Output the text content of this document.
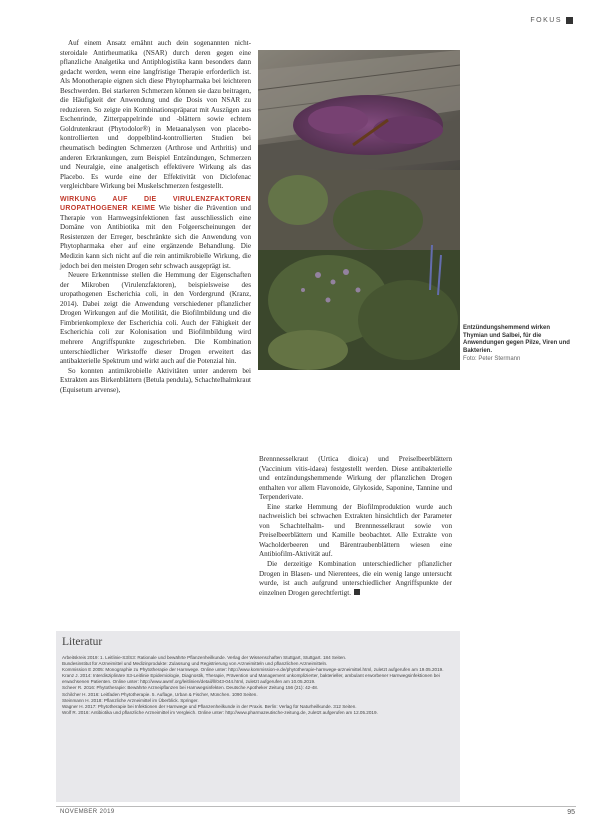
FOKUS

Auf einem Ansatz ernähnt auch dein sogenannten nicht-steroidale Antirheumatika (NSAR) durch deren gegen eine pflanzliche Analgetika und Antiphlogistika kann besonders dann gedacht werden, wenn eine langfristige Therapie erforderlich ist. Als Monotherapie eignen sich diese Phytopharmaka bei leichteren Beschwerden. Bei starkeren Schmerzen können sie dazu beitragen, die Häufigkeit der Anwendung und die Dosis von NSAR zu reduzieren. So zeigte ein Kombinationspräparat mit Auszügen aus Eschenrinde, Zitterpappelrinde und -blättern sowie echtem Goldrutenkraut (Phytodolor®) in Metaanalysen von placebo-kontrollierten und doppelblind-kontrollierten Studien bei rheumatisch bedingten Schmerzen (Arthrose und Arthritis) und anderen Erkrankungen, zum Beispiel Entzündungen, Schmerzen und Neuralgie, eine analgetisch effektivere Wirkung als das Placebo. Es wurde eine der Effektivität von Diclofenac vergleichbare Wirkung bei Muskelschmerzen festgestellt.

WIRKUNG AUF DIE VIRULENZFAKTOREN UROPATHOGENER KEIME Wie bisher die Prävention und Therapie von Harnwegsinfektionen fast ausschliesslich eine Domäne von Antibiotika mit den Folgeerscheinungen der Resistenzen der Erreger, beschränkte sich die Anwendung von Phytopharmaka eher auf eine ergänzende Behandlung. Die Medizin kann sich nicht auf die rein antimikrobielle Wirkung, die jedoch bei den meisten Drogen sehr schwach ausgeprägt ist.

Neuere Erkenntnisse stellen die Hemmung der Eigenschaften der Mikroben (Virulenzfaktoren), beispielsweise des uropathogenen Escherichia coli, in den Vordergrund (Kranz, 2014). Dabei zeigt die Anwendung verschiedener pflanzlicher Drogen Wirkungen auf die Motilität, die Biofilmbildung und die Fimbrienkomplexe der Escherichia coli. Auch der Fähigkeit der Escherichia coli zur Kolonisation und Biofilmbildung wird mehrere Angriffspunkte zugeschrieben. Die Kombination unterschiedlicher Wirkstoffe dieser Drogen erweitert das antibakterielle Spektrum und wirkt auch auf die Potenzial hin.

So konnten antimikrobielle Aktivitäten unter anderem bei Extrakten aus Birkenblättern (Betula pendula), Schachtelhalmkraut (Equisetum arvense),

Entzündungshemmend wirken Thymian und Salbei, für die Anwendungen gegen Pilze, Viren und Bakterien.
Foto: Peter Stermann

Brennnesselkraut (Urtica dioica) und Preiselbeerblättern (Vaccinium vitis-idaea) festgestellt werden. Diese antibakterielle und entzündungshemmende Wirkung der pflanzlichen Drogen enthalten vor allem Flavonoide, Glykoside, Saponine, Tannine und Terpenderivate.

Eine starke Hemmung der Biofilmproduktion wurde auch nachweislich bei schwachen Extrakten hinsichtlich der Parameter von Schachtelhalm- und Brennnesselkraut sowie von Preiselbeerblättern und Kamille beobachtet. Alle Extrakte von Wacholderbeeren und Bärentraubenblättern wiesen eine Antibiofilm-Aktivität auf.

Die derzeitige Kombination unterschiedlicher pflanzlicher Drogen in Blasen- und Nierentees, die ein wenig lange untersucht wurde, ist auch aufgrund unterschiedlicher Angriffspunkte der einzelnen Drogen gerechtfertigt.

Literatur
Arbeitskreis 2019: 1. Leitlinie-S3/S3: Rationale und bewährte Pflanzenheilkunde. Verlag der Wissenschaften Stuttgart, Stuttgart. 184 Seiten.
Bundesinstitut für Arzneimittel und Medizinprodukte: Zulassung und Registrierung von Arzneimitteln und pflanzlichen Arzneimitteln.
Kommission E 2005: Monographie zu Phytotherapie der Harnwege. Online unter: http://www.kommission-e.de/phytotherapie-harnwege-arzneimittel.html, zuletzt aufgerufen am 19.05.2019.
Kranz J. 2014: Interdisziplinäre S3-Leitlinie Epidemiologie, Diagnostik, Therapie, Prävention und Management unkomplizierter, bakterieller, ambulant erworbener Harnwegsinfektionen bei erwachsenen Patienten. Online unter: http://www.awmf.org/leitlinien/detail/ll/043-044.html, zuletzt aufgerufen am 10.05.2019.
Scheer R. 2016: Phytotherapie: Bewährte Arzneipflanzen bei Harnwegsinfekten. Deutsche Apotheker Zeitung 156 (21): 42-48.
Schilcher H. 2016: Leitfaden Phytotherapie. 5. Auflage, Urban & Fischer, München. 1090 Seiten.
Steinmann H. 2018: Pflanzliche Arzneimittel im Überblick. Springer.
Wagner H. 2017: Phytotherapie bei Infektionen der Harnwege und Pflanzenheilkunde in der Praxis. Berlin: Verlag für Naturheilkunde. 312 Seiten.
Wolf R. 2016: Antibiotika und pflanzliche Arzneimittel im Vergleich. Online unter: http://www.pharmazeutische-zeitung.de, zuletzt aufgerufen am 12.05.2019.
NOVEMBER 2019	95
